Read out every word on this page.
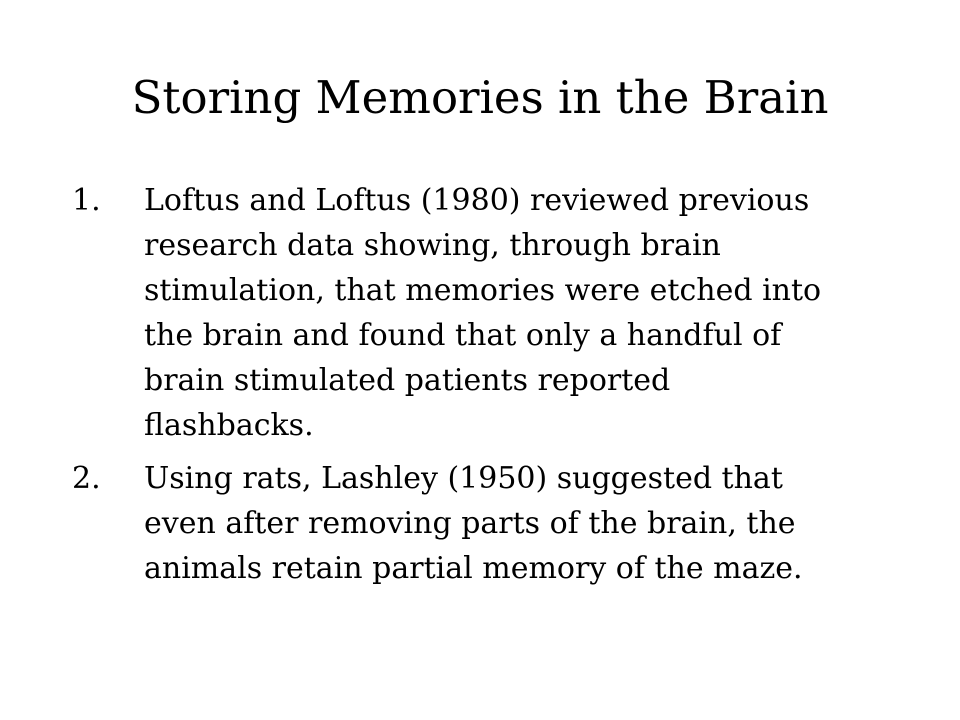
Storing Memories in the Brain
1.	Loftus and Loftus (1980) reviewed previous
research data showing, through brain
stimulation, that memories were etched into
the brain and found that only a handful of
brain stimulated patients reported
flashbacks.
2.	Using rats, Lashley (1950) suggested that
even after removing parts of the brain, the
animals retain partial memory of the maze.
